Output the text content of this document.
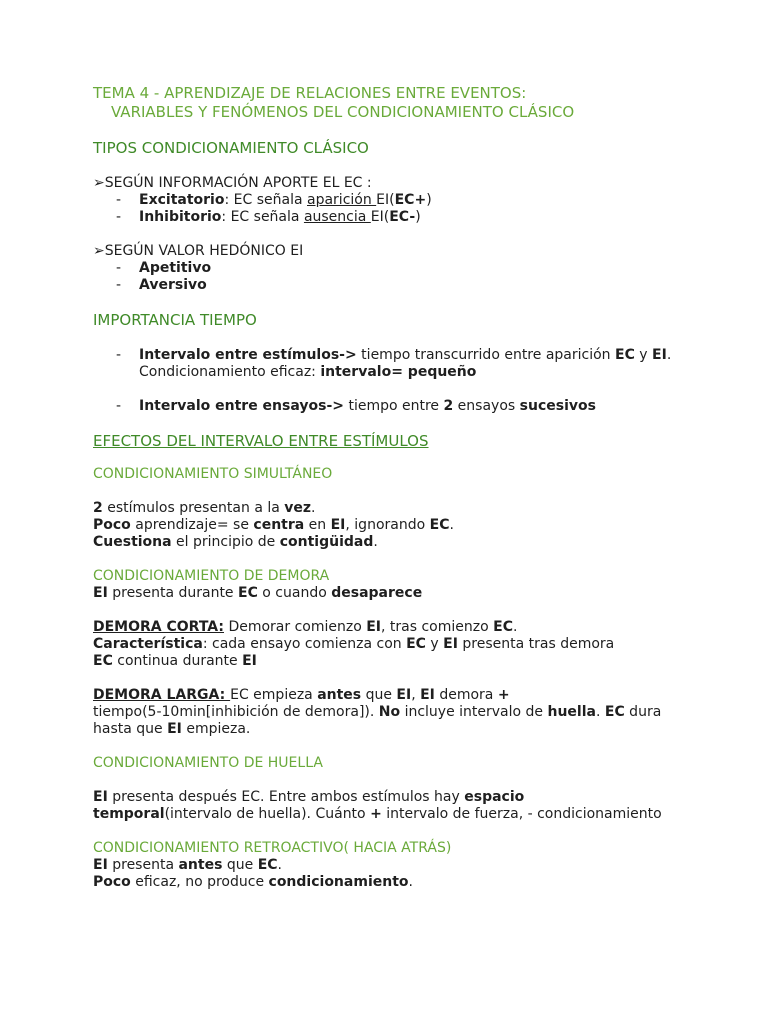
TEMA 4 - APRENDIZAJE DE RELACIONES ENTRE EVENTOS:
VARIABLES Y FENÓMENOS DEL CONDICIONAMIENTO CLÁSICO
TIPOS CONDICIONAMIENTO CLÁSICO
➢SEGÚN INFORMACIÓN APORTE EL EC :
- Excitatorio: EC señala aparición EI(EC+)
- Inhibitorio: EC señala ausencia EI(EC-)
➢SEGÚN VALOR HEDÓNICO EI
- Apetitivo
- Aversivo
IMPORTANCIA TIEMPO
- Intervalo entre estímulos-> tiempo transcurrido entre aparición EC y EI.
Condicionamiento eficaz: intervalo= pequeño
- Intervalo entre ensayos-> tiempo entre 2 ensayos sucesivos
EFECTOS DEL INTERVALO ENTRE ESTÍMULOS
CONDICIONAMIENTO SIMULTÁNEO
2 estímulos presentan a la vez.
Poco aprendizaje= se centra en EI, ignorando EC.
Cuestiona el principio de contigüidad.
CONDICIONAMIENTO DE DEMORA
EI presenta durante EC o cuando desaparece
DEMORA CORTA: Demorar comienzo EI, tras comienzo EC.
Característica: cada ensayo comienza con EC y EI presenta tras demora
EC continua durante EI
DEMORA LARGA: EC empieza antes que EI, EI demora +
tiempo(5-10min[inhibición de demora]). No incluye intervalo de huella. EC dura
hasta que EI empieza.
CONDICIONAMIENTO DE HUELLA
EI presenta después EC. Entre ambos estímulos hay espacio
temporal(intervalo de huella). Cuánto + intervalo de fuerza, - condicionamiento
CONDICIONAMIENTO RETROACTIVO( HACIA ATRÁS)
EI presenta antes que EC.
Poco eficaz, no produce condicionamiento.
